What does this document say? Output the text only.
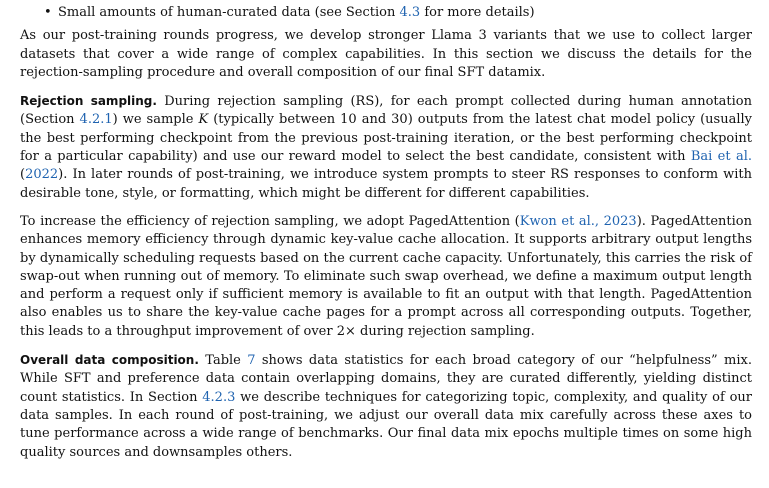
• Small amounts of human-curated data (see Section 4.3 for more details)

As our post-training rounds progress, we develop stronger Llama 3 variants that we use to collect larger datasets that cover a wide range of complex capabilities. In this section we discuss the details for the rejection-sampling procedure and overall composition of our final SFT datamix.

Rejection sampling. During rejection sampling (RS), for each prompt collected during human annotation (Section 4.2.1) we sample K (typically between 10 and 30) outputs from the latest chat model policy (usually the best performing checkpoint from the previous post-training iteration, or the best performing checkpoint for a particular capability) and use our reward model to select the best candidate, consistent with Bai et al. (2022). In later rounds of post-training, we introduce system prompts to steer RS responses to conform with desirable tone, style, or formatting, which might be different for different capabilities.

To increase the efficiency of rejection sampling, we adopt PagedAttention (Kwon et al., 2023). PagedAttention enhances memory efficiency through dynamic key-value cache allocation. It supports arbitrary output lengths by dynamically scheduling requests based on the current cache capacity. Unfortunately, this carries the risk of swap-out when running out of memory. To eliminate such swap overhead, we define a maximum output length and perform a request only if sufficient memory is available to fit an output with that length. PagedAttention also enables us to share the key-value cache pages for a prompt across all corresponding outputs. Together, this leads to a throughput improvement of over 2× during rejection sampling.

Overall data composition. Table 7 shows data statistics for each broad category of our “helpfulness” mix. While SFT and preference data contain overlapping domains, they are curated differently, yielding distinct count statistics. In Section 4.2.3 we describe techniques for categorizing topic, complexity, and quality of our data samples. In each round of post-training, we adjust our overall data mix carefully across these axes to tune performance across a wide range of benchmarks. Our final data mix epochs multiple times on some high quality sources and downsamples others.
